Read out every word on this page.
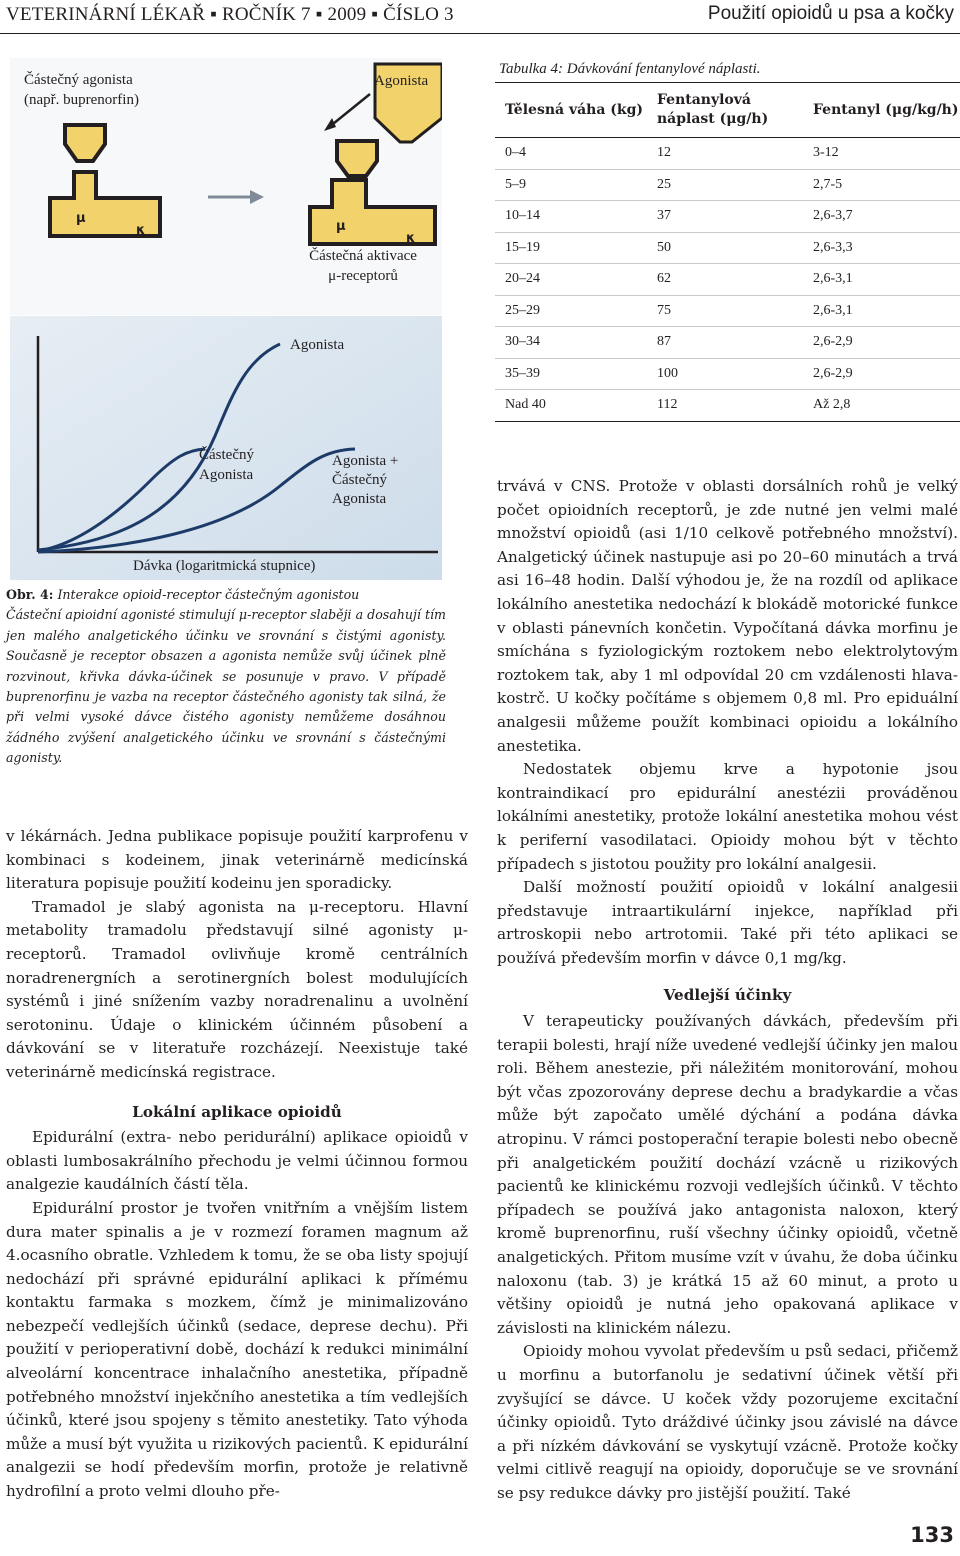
VETERINÁRNÍ LÉKAŘ ▪ ROČNÍK 7 ▪ 2009 ▪ ČÍSLO 3	Použití opioidů u psa a kočky
μ
κ	μ
κ
Částečný agonista
(např. buprenorfin)
Agonista
Částečná aktivace
μ-receptorů
Agonista
Částečný
Agonista
Agonista +
Částečný Agonista
Dávka (logaritmická stupnice)
Obr. 4: Interakce opioid-receptor částečným agonistou
Částeční apioidní agonisté stimulují μ-receptor slaběji a dosahují tím jen malého analgetického účinku ve srovnání s čistými agonisty. Současně je receptor obsazen a agonista nemůže svůj účinek plně rozvinout, křivka dávka-účinek se posunuje v pravo. V případě buprenorfinu je vazba na receptor částečného agonisty tak silná, že při velmi vysoké dávce čistého agonisty nemůžeme dosáhnou žádného zvýšení analgetického účinku ve srovnání s částečnými agonisty.
Tabulka 4: Dávkování fentanylové náplasti.
Tělesná váha (kg)
Fentanylová náplast (μg/h)
Fentanyl (μg/kg/h)
0–4	12	3-12
5–9	25	2,7-5
10–14	37	2,6-3,7
15–19	50	2,6-3,3
20–24	62	2,6-3,1
25–29	75	2,6-3,1
30–34	87	2,6-2,9
35–39	100	2,6-2,9
Nad 40	112	Až 2,8

v lékárnách. Jedna publikace popisuje použití karprofenu v kombinaci s kodeinem, jinak veterinárně medicínská literatura popisuje použití kodeinu jen sporadicky.

Tramadol je slabý agonista na μ-receptoru. Hlavní metabolity tramadolu představují silné agonisty μ-receptorů. Tramadol ovlivňuje kromě centrálních noradrenergních a serotinergních bolest modulujících systémů i jiné snížením vazby noradrenalinu a uvolnění serotoninu. Údaje o klinickém účinném působení a dávkování se v literatuře rozcházejí. Neexistuje také veterinárně medicínská registrace.

Lokální aplikace opioidů

Epidurální (extra- nebo peridurální) aplikace opioidů v oblasti lumbosakrálního přechodu je velmi účinnou formou analgezie kaudálních částí těla.

Epidurální prostor je tvořen vnitřním a vnějším listem dura mater spinalis a je v rozmezí foramen magnum až 4.ocasního obratle. Vzhledem k tomu, že se oba listy spojují nedochází při správné epidurální aplikaci k přímému kontaktu farmaka s mozkem, čímž je minimalizováno nebezpečí vedlejších účinků (sedace, deprese dechu). Při použití v perioperativní době, dochází k redukci minimální alveolární koncentrace inhalačního anestetika, případně potřebného množství injekčního anestetika a tím vedlejších účinků, které jsou spojeny s těmito anestetiky. Tato výhoda může a musí být využita u rizikových pacientů. K epidurální analgezii se hodí především morfin, protože je relativně hydrofilní a proto velmi dlouho pře-

trvává v CNS. Protože v oblasti dorsálních rohů je velký počet opioidních receptorů, je zde nutné jen velmi malé množství opioidů (asi 1/10 celkově potřebného množství). Analgetický účinek nastupuje asi po 20–60 minutách a trvá asi 16–48 hodin. Další výhodou je, že na rozdíl od aplikace lokálního anestetika nedochází k blokádě motorické funkce v oblasti pánevních končetin. Vypočítaná dávka morfinu je smíchána s fyziologickým roztokem nebo elektrolytovým roztokem tak, aby 1 ml odpovídal 20 cm vzdálenosti hlava-kostrč. U kočky počítáme s objemem 0,8 ml. Pro epiduální analgesii můžeme použít kombinaci opioidu a lokálního anestetika.

Nedostatek objemu krve a hypotonie jsou kontraindikací pro epidurální anestézii prováděnou lokálními anestetiky, protože lokální anestetika mohou vést k periferní vasodilataci. Opioidy mohou být v těchto případech s jistotou použity pro lokální analgesii.

Další možností použití opioidů v lokální analgesii představuje intraartikulární injekce, například při artroskopii nebo artrotomii. Také při této aplikaci se používá především morfin v dávce 0,1 mg/kg.

Vedlejší účinky

V terapeuticky používaných dávkách, především při terapii bolesti, hrají níže uvedené vedlejší účinky jen malou roli. Během anestezie, při náležitém monitorování, mohou být včas zpozorovány deprese dechu a bradykardie a včas může být započato umělé dýchání a podána dávka atropinu. V rámci postoperační terapie bolesti nebo obecně při analgetickém použití dochází vzácně u rizikových pacientů ke klinickému rozvoji vedlejších účinků. V těchto případech se používá jako antagonista naloxon, který kromě buprenorfinu, ruší všechny účinky opioidů, včetně analgetických. Přitom musíme vzít v úvahu, že doba účinku naloxonu (tab. 3) je krátká 15 až 60 minut, a proto u většiny opioidů je nutná jeho opakovaná aplikace v závislosti na klinickém nálezu.

Opioidy mohou vyvolat především u psů sedaci, přičemž u morfinu a butorfanolu je sedativní účinek větší při zvyšující se dávce. U koček vždy pozorujeme excitační účinky opioidů. Tyto dráždivé účinky jsou závislé na dávce a při nízkém dávkování se vyskytují vzácně. Protože kočky velmi citlivě reagují na opioidy, doporučuje se ve srovnání se psy redukce dávky pro jistější použití. Také

133
